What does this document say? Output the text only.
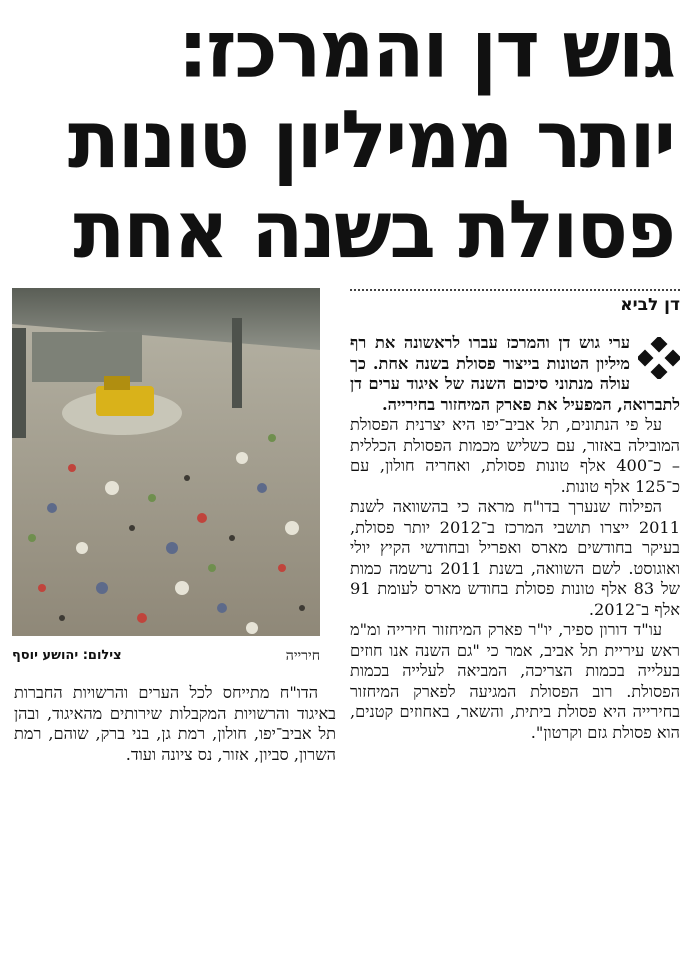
גוש דן והמרכז:
יותר ממיליון טונות
פסולת בשנה אחת
דן לביא
חירייה
צילום: יהושע יוסף

ערי גוש דן והמרכז עברו לראשונה את רף מיליון הטונות בייצור פסולת בשנה אחת. כך עולה מנתוני סיכום השנה של איגוד ערים דן לתברואה, המפעיל את פארק המיחזור בחירייה.

על פי הנתונים, תל אביב־יפו היא יצרנית הפסולת המובילה באזור, עם כשליש מכמות הפסולת הכללית – כ־400 אלף טונות פסולת, ואחריה חולון, עם כ־125 אלף טונות.

הפילוח שנערך בדו"ח מראה כי בהשוואה לשנת 2011 ייצרו תושבי המרכז ב־2012 יותר פסולת, בעיקר בחודשים מארס ואפריל ובחודשי הקיץ יולי ואוגוסט. לשם השוואה, בשנת 2011 נרשמה כמות של 83 אלף טונות פסולת בחודש מארס לעומת 91 אלף ב־2012.

עו"ד דורון ספיר, יו"ר פארק המיחזור חירייה ומ"מ ראש עיריית תל אביב, אמר כי "גם השנה אנו חוזים בעלייה בכמות הצריכה, המביאה לעלייה בכמות הפסולת. רוב הפסולת המגיעה לפארק המיחזור בחירייה היא פסולת ביתית, והשאר, באחוזים קטנים, הוא פסולת גזם וקרטון".

הדו"ח מתייחס לכל הערים והרשויות החברות באיגוד והרשויות המקבלות שירותים מהאיגוד, ובהן תל אביב־יפו, חולון, רמת גן, בני ברק, שוהם, רמת השרון, סביון, אזור, נס ציונה ועוד.
